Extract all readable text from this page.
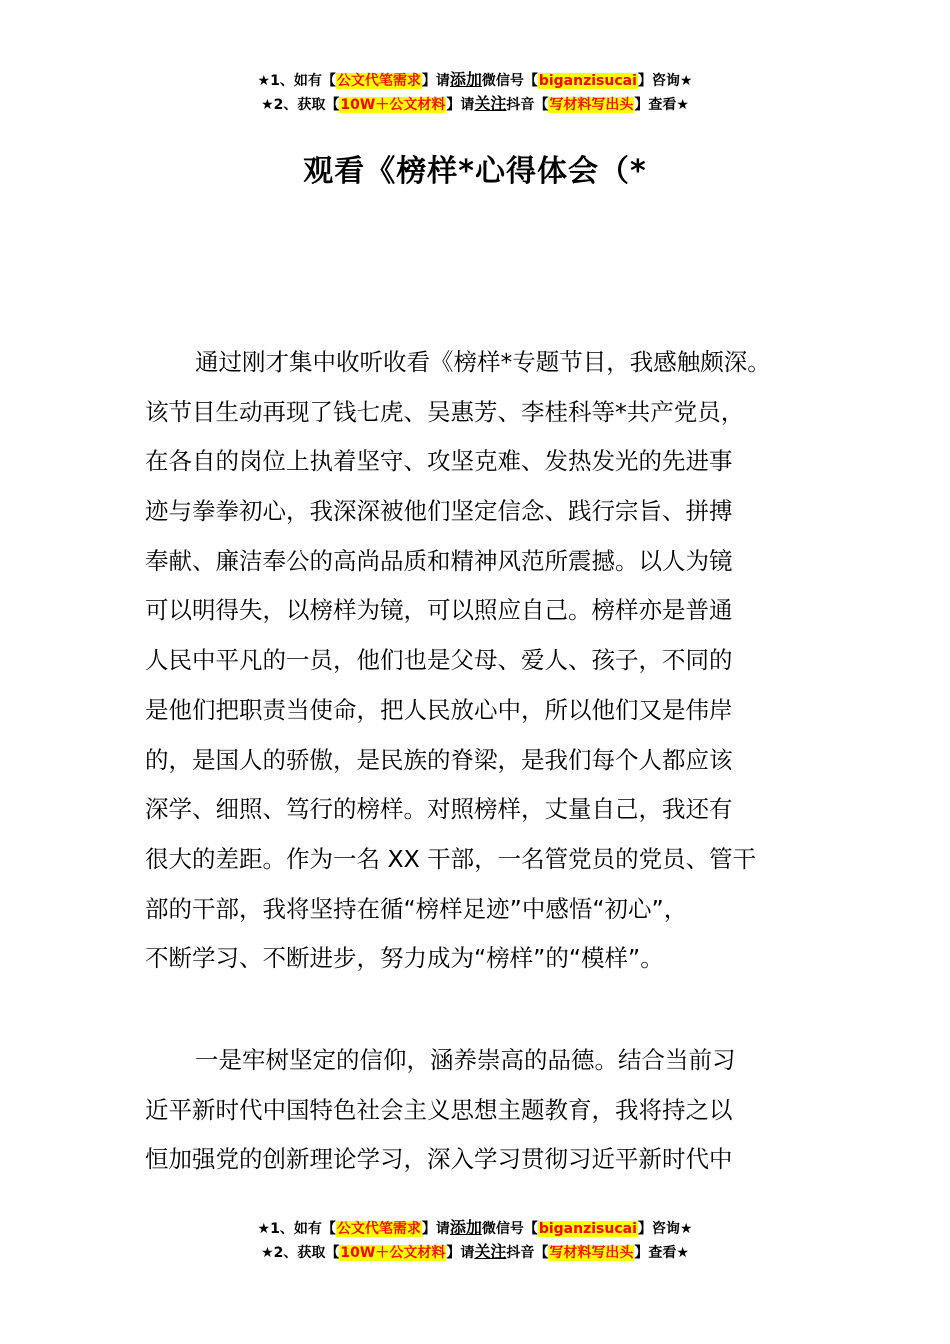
★1、如有【公文代笔需求】请添加微信号【biganzisucai】咨询★
★2、获取【10W＋公文材料】请关注抖音【写材料写出头】查看★
观看《榜样*心得体会（*
通过刚才集中收听收看《榜样*专题节目，我感触颇深。
该节目生动再现了钱七虎、吴惠芳、李桂科等*共产党员，
在各自的岗位上执着坚守、攻坚克难、发热发光的先进事
迹与拳拳初心，我深深被他们坚定信念、践行宗旨、拼搏
奉献、廉洁奉公的高尚品质和精神风范所震撼。以人为镜
可以明得失，以榜样为镜，可以照应自己。榜样亦是普通
人民中平凡的一员，他们也是父母、爱人、孩子，不同的
是他们把职责当使命，把人民放心中，所以他们又是伟岸
的，是国人的骄傲，是民族的脊梁，是我们每个人都应该
深学、细照、笃行的榜样。对照榜样，丈量自己，我还有
很大的差距。作为一名 XX 干部，一名管党员的党员、管干
部的干部，我将坚持在循“榜样足迹”中感悟“初心”，
不断学习、不断进步，努力成为“榜样”的“模样”。
一是牢树坚定的信仰，涵养崇高的品德。结合当前习
近平新时代中国特色社会主义思想主题教育，我将持之以
恒加强党的创新理论学习，深入学习贯彻习近平新时代中
★1、如有【公文代笔需求】请添加微信号【biganzisucai】咨询★
★2、获取【10W＋公文材料】请关注抖音【写材料写出头】查看★
